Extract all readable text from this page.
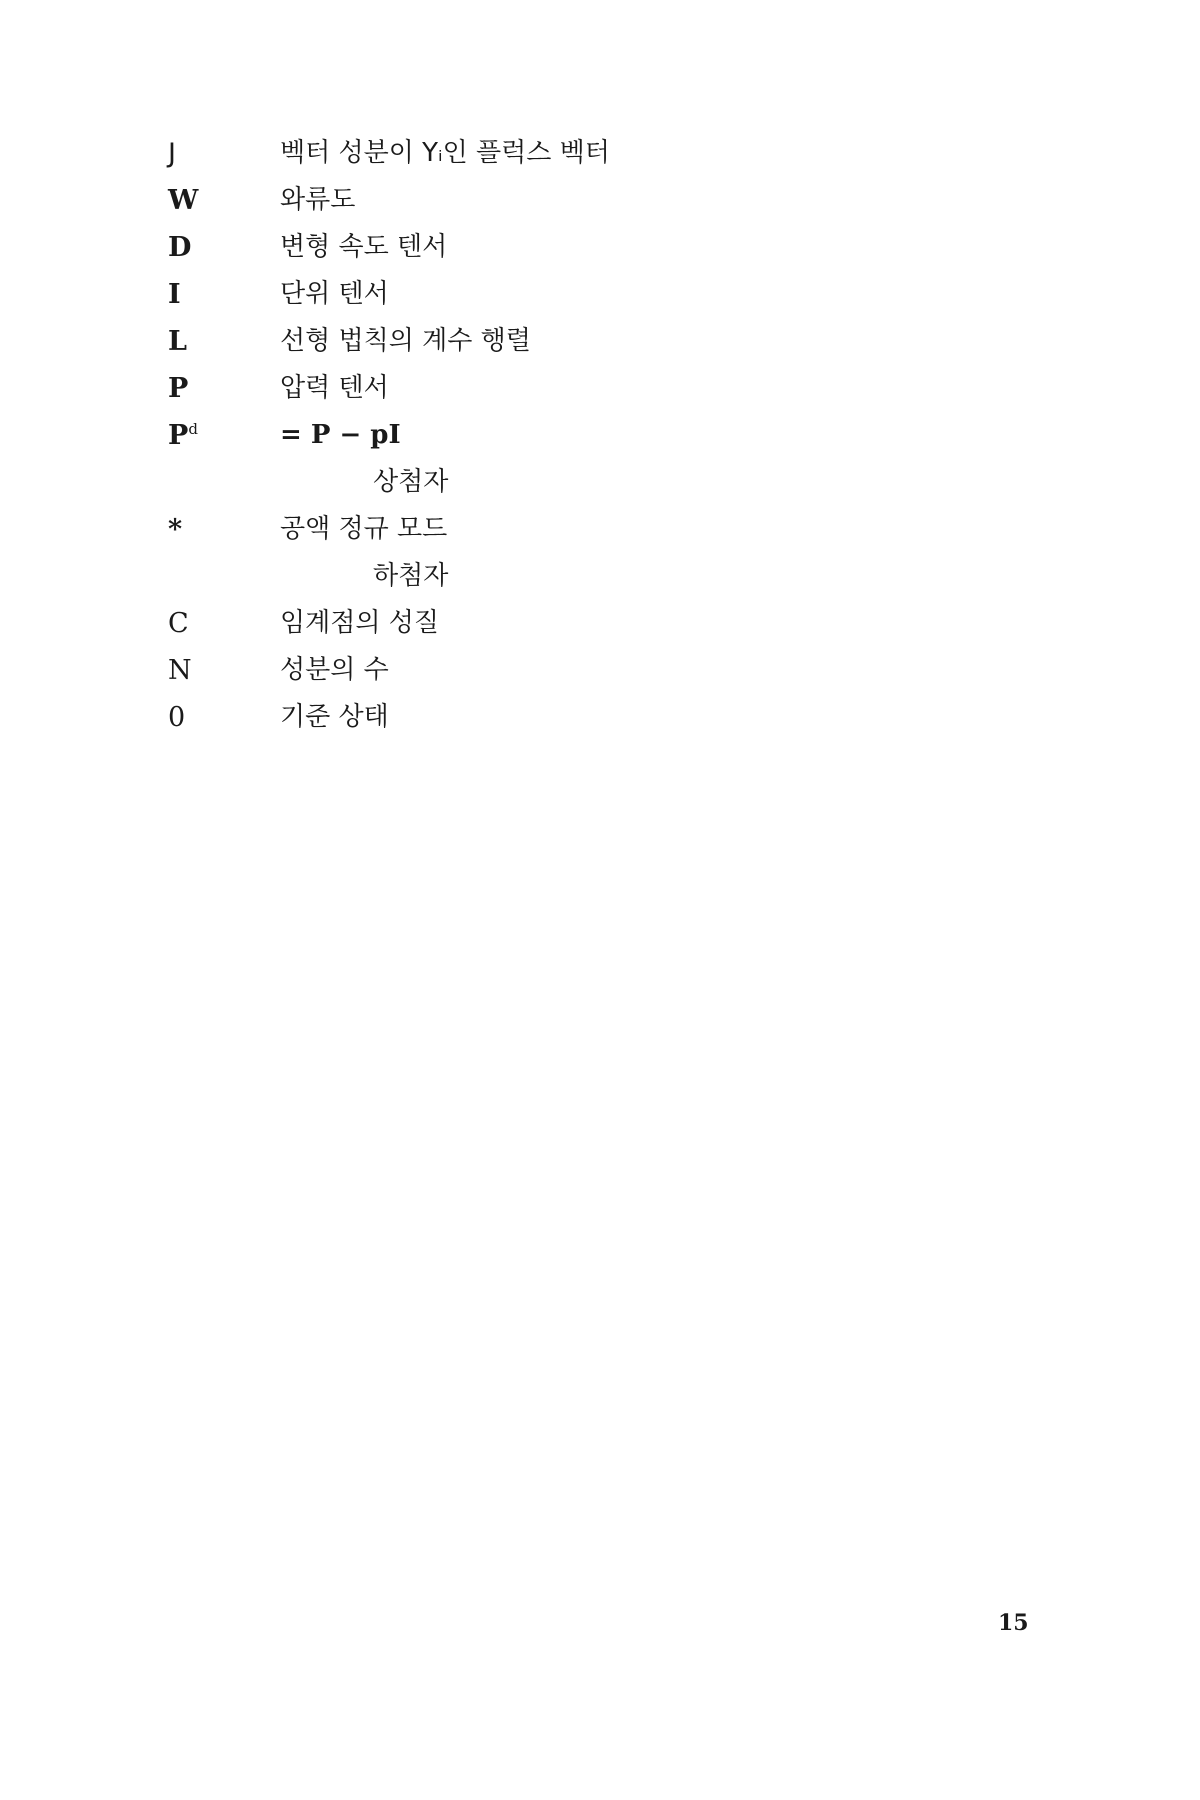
J	벡터 성분이 Yᵢ인 플럭스 벡터
W	와류도
D	변형 속도 텐서
I	단위 텐서
L	선형 법칙의 계수 행렬
P	압력 텐서
$P^d$	= P − pI
상첨자
*	공액 정규 모드
하첨자
C	임계점의 성질
N	성분의 수
0	기준 상태
15
